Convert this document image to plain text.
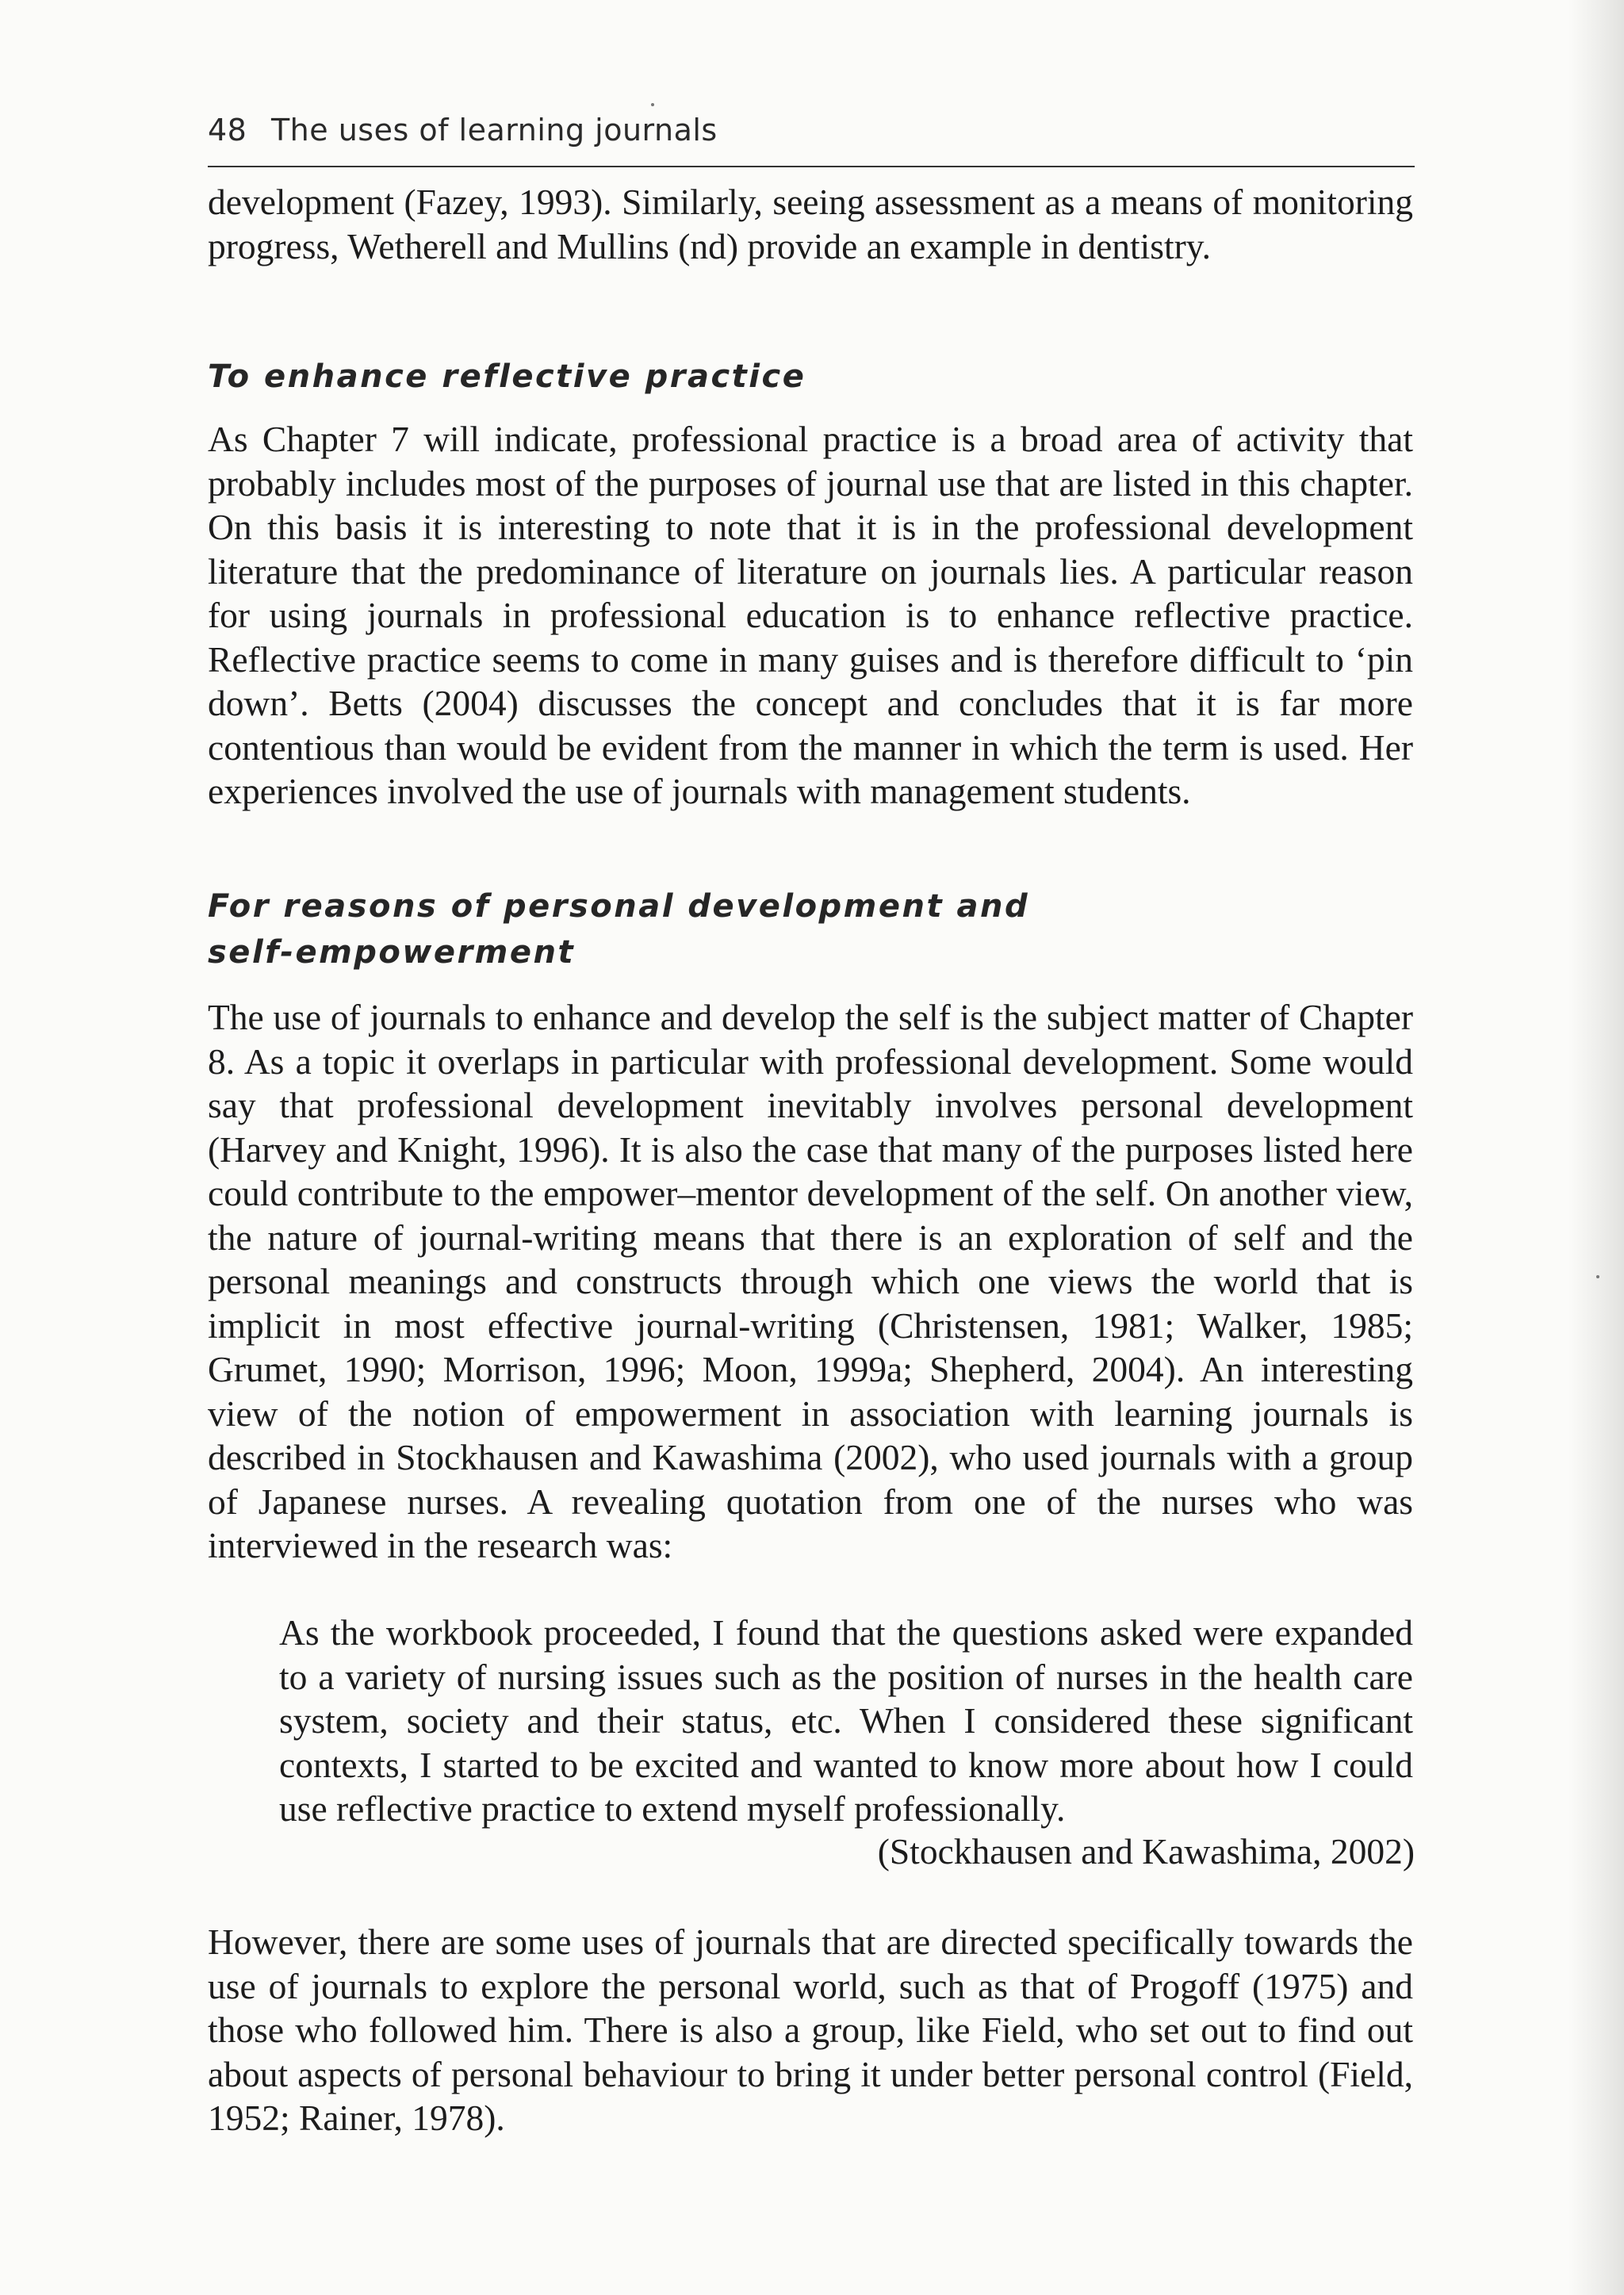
48 The uses of learning journals

development (Fazey, 1993). Similarly, seeing assessment as a means of monitoring progress, Wetherell and Mullins (nd) provide an example in dentistry.

To enhance reflective practice

As Chapter 7 will indicate, professional practice is a broad area of activity that probably includes most of the purposes of journal use that are listed in this chapter. On this basis it is interesting to note that it is in the professional development literature that the predominance of literature on journals lies. A particular reason for using journals in professional education is to enhance reflective practice. Reflective practice seems to come in many guises and is therefore difficult to ‘pin down’. Betts (2004) discusses the concept and concludes that it is far more contentious than would be evident from the manner in which the term is used. Her experiences involved the use of journals with management students.

For reasons of personal development and
self-empowerment

The use of journals to enhance and develop the self is the subject matter of Chapter 8. As a topic it overlaps in particular with professional development. Some would say that professional development inevitably involves personal development (Harvey and Knight, 1996). It is also the case that many of the purposes listed here could contribute to the empower–mentor development of the self. On another view, the nature of journal-writing means that there is an exploration of self and the personal meanings and constructs through which one views the world that is implicit in most effective journal-writing (Christensen, 1981; Walker, 1985; Grumet, 1990; Morrison, 1996; Moon, 1999a; Shepherd, 2004). An interesting view of the notion of empowerment in association with learning journals is described in Stockhausen and Kawashima (2002), who used journals with a group of Japanese nurses. A revealing quotation from one of the nurses who was interviewed in the research was:

As the workbook proceeded, I found that the questions asked were expanded to a variety of nursing issues such as the position of nurses in the health care system, society and their status, etc. When I considered these significant contexts, I started to be excited and wanted to know more about how I could use reflective practice to extend myself professionally.

(Stockhausen and Kawashima, 2002)

However, there are some uses of journals that are directed specifically towards the use of journals to explore the personal world, such as that of Progoff (1975) and those who followed him. There is also a group, like Field, who set out to find out about aspects of personal behaviour to bring it under better personal control (Field, 1952; Rainer, 1978).
